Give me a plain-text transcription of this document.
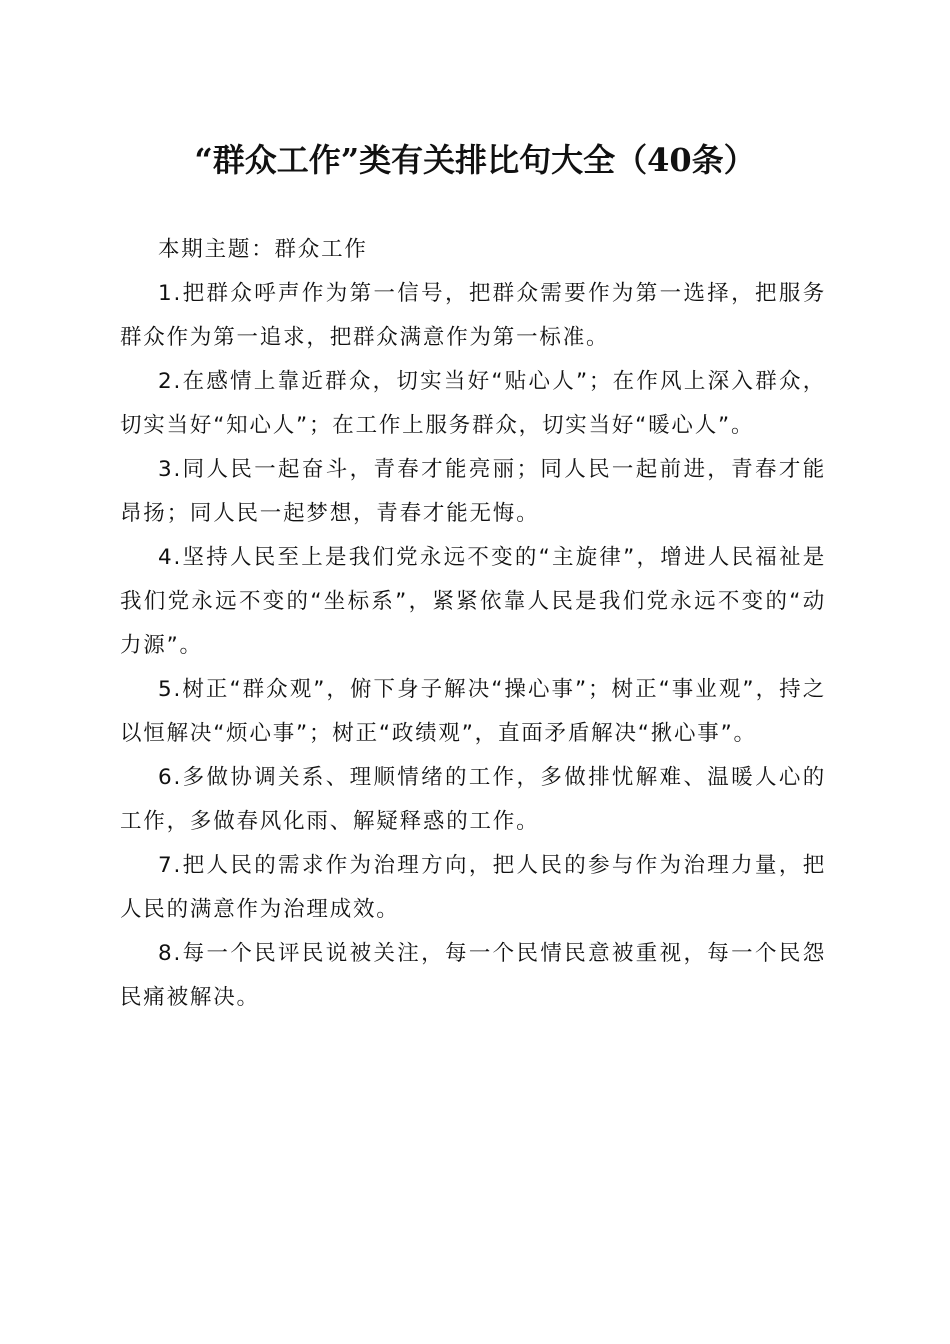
“群众工作”类有关排比句大全（40条）

本期主题：群众工作

1.把群众呼声作为第一信号，把群众需要作为第一选择，把服务群众作为第一追求，把群众满意作为第一标准。

2.在感情上靠近群众，切实当好“贴心人”；在作风上深入群众，切实当好“知心人”；在工作上服务群众，切实当好“暖心人”。

3.同人民一起奋斗，青春才能亮丽；同人民一起前进，青春才能昂扬；同人民一起梦想，青春才能无悔。

4.坚持人民至上是我们党永远不变的“主旋律”，增进人民福祉是我们党永远不变的“坐标系”，紧紧依靠人民是我们党永远不变的“动力源”。

5.树正“群众观”，俯下身子解决“操心事”；树正“事业观”，持之以恒解决“烦心事”；树正“政绩观”，直面矛盾解决“揪心事”。

6.多做协调关系、理顺情绪的工作，多做排忧解难、温暖人心的工作，多做春风化雨、解疑释惑的工作。

7.把人民的需求作为治理方向，把人民的参与作为治理力量，把人民的满意作为治理成效。

8.每一个民评民说被关注，每一个民情民意被重视，每一个民怨民痛被解决。
